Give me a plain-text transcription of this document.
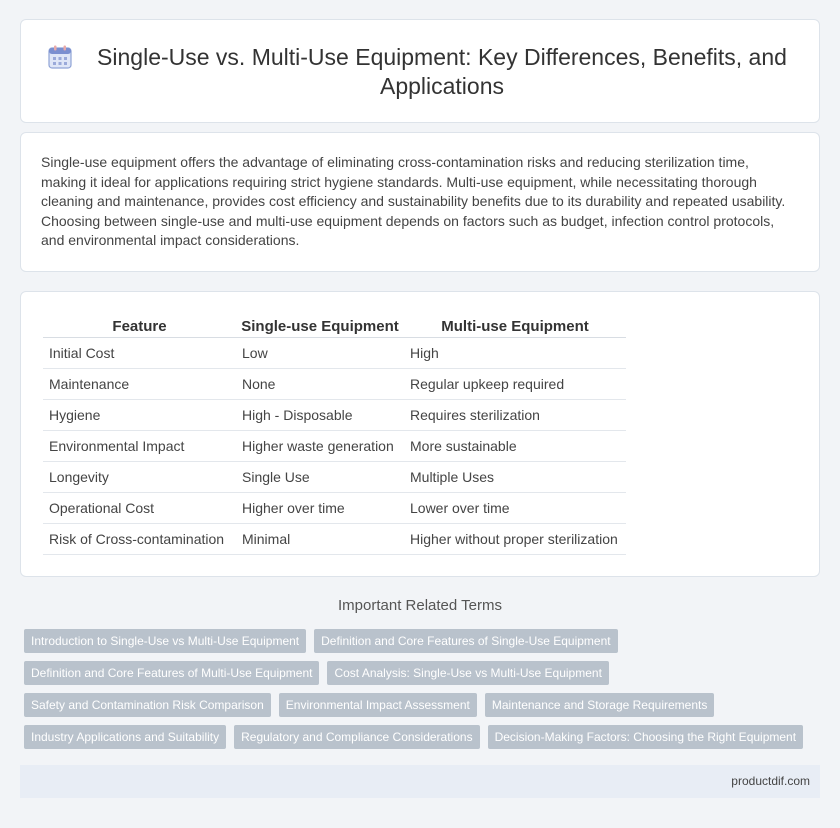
Single-Use vs. Multi-Use Equipment: Key Differences, Benefits, and Applications

Single-use equipment offers the advantage of eliminating cross-contamination risks and reducing sterilization time, making it ideal for applications requiring strict hygiene standards. Multi-use equipment, while necessitating thorough cleaning and maintenance, provides cost efficiency and sustainability benefits due to its durability and repeated usability. Choosing between single-use and multi-use equipment depends on factors such as budget, infection control protocols, and environmental impact considerations.

Feature	Single-use Equipment	Multi-use Equipment
Initial Cost	Low	High
Maintenance	None	Regular upkeep required
Hygiene	High - Disposable	Requires sterilization
Environmental Impact	Higher waste generation	More sustainable
Longevity	Single Use	Multiple Uses
Operational Cost	Higher over time	Lower over time
Risk of Cross-contamination	Minimal	Higher without proper sterilization
Important Related Terms
Introduction to Single-Use vs Multi-Use Equipment	Definition and Core Features of Single-Use Equipment
Definition and Core Features of Multi-Use Equipment	Cost Analysis: Single-Use vs Multi-Use Equipment
Safety and Contamination Risk Comparison	Environmental Impact Assessment	Maintenance and Storage Requirements
Industry Applications and Suitability	Regulatory and Compliance Considerations	Decision-Making Factors: Choosing the Right Equipment
productdif.com
